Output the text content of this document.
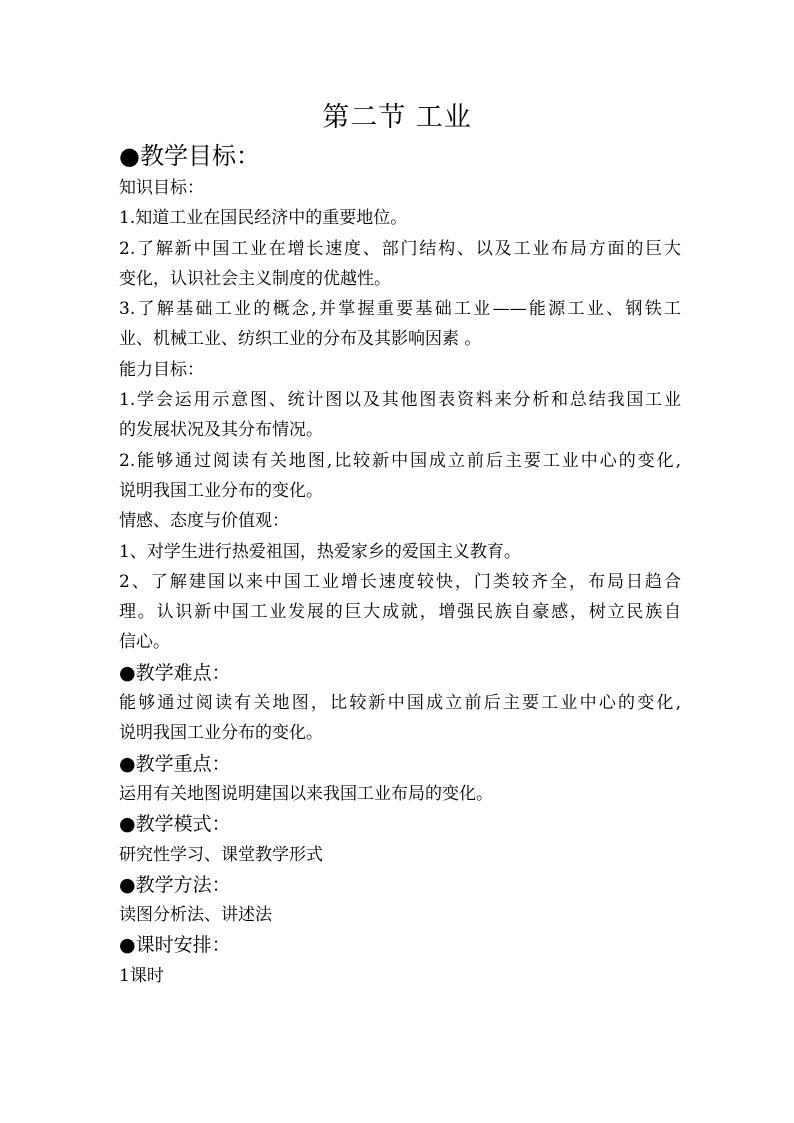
第二节 工业
●教学目标：
知识目标：
1.知道工业在国民经济中的重要地位。
2.了解新中国工业在增长速度、部门结构、以及工业布局方面的巨大
变化，认识社会主义制度的优越性。
3.了解基础工业的概念,并掌握重要基础工业——能源工业、钢铁工
业、机械工业、纺织工业的分布及其影响因素 。
能力目标：
1.学会运用示意图、统计图以及其他图表资料来分析和总结我国工业
的发展状况及其分布情况。
2.能够通过阅读有关地图,比较新中国成立前后主要工业中心的变化,
说明我国工业分布的变化。
情感、态度与价值观：
1、对学生进行热爱祖国，热爱家乡的爱国主义教育。
2、了解建国以来中国工业增长速度较快，门类较齐全，布局日趋合
理。认识新中国工业发展的巨大成就，增强民族自豪感，树立民族自
信心。
●教学难点：
能够通过阅读有关地图，比较新中国成立前后主要工业中心的变化,
说明我国工业分布的变化。
●教学重点：
运用有关地图说明建国以来我国工业布局的变化。
●教学模式：
研究性学习、课堂教学形式
●教学方法：
读图分析法、讲述法
●课时安排：
1课时
